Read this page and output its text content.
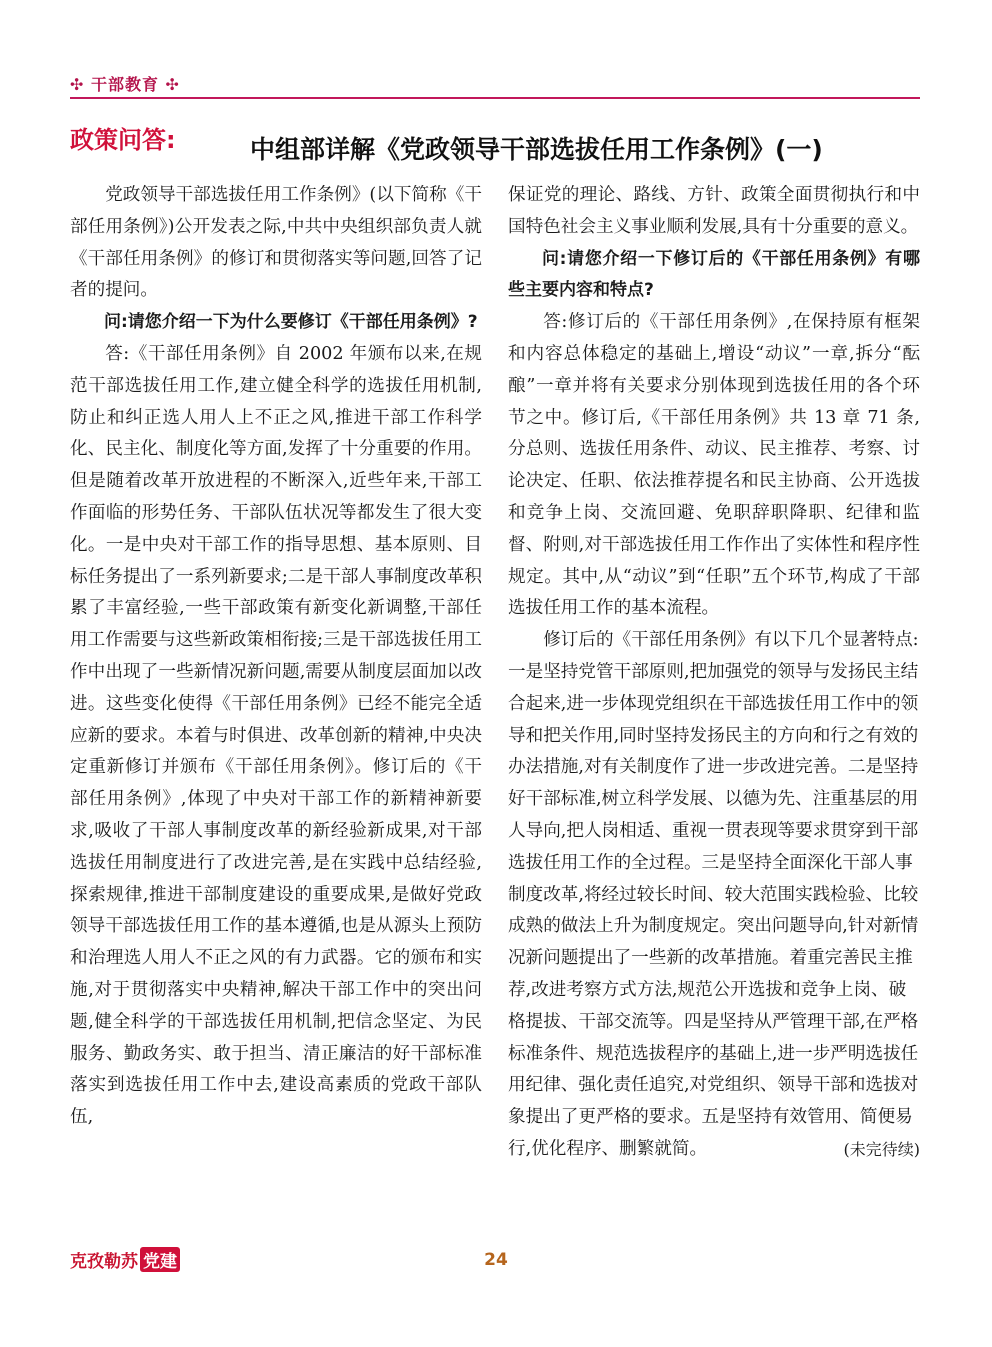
✣ 干部教育 ✣
政策问答:	中组部详解《党政领导干部选拔任用工作条例》(一)

党政领导干部选拔任用工作条例》(以下简称《干部任用条例》)公开发表之际,中共中央组织部负责人就《干部任用条例》的修订和贯彻落实等问题,回答了记者的提问。

问:请您介绍一下为什么要修订《干部任用条例》?

答:《干部任用条例》自 2002 年颁布以来,在规范干部选拔任用工作,建立健全科学的选拔任用机制,防止和纠正选人用人上不正之风,推进干部工作科学化、民主化、制度化等方面,发挥了十分重要的作用。但是随着改革开放进程的不断深入,近些年来,干部工作面临的形势任务、干部队伍状况等都发生了很大变化。一是中央对干部工作的指导思想、基本原则、目标任务提出了一系列新要求;二是干部人事制度改革积累了丰富经验,一些干部政策有新变化新调整,干部任用工作需要与这些新政策相衔接;三是干部选拔任用工作中出现了一些新情况新问题,需要从制度层面加以改进。这些变化使得《干部任用条例》已经不能完全适应新的要求。本着与时俱进、改革创新的精神,中央决定重新修订并颁布《干部任用条例》。修订后的《干部任用条例》,体现了中央对干部工作的新精神新要求,吸收了干部人事制度改革的新经验新成果,对干部选拔任用制度进行了改进完善,是在实践中总结经验,探索规律,推进干部制度建设的重要成果,是做好党政领导干部选拔任用工作的基本遵循,也是从源头上预防和治理选人用人不正之风的有力武器。它的颁布和实施,对于贯彻落实中央精神,解决干部工作中的突出问题,健全科学的干部选拔任用机制,把信念坚定、为民服务、勤政务实、敢于担当、清正廉洁的好干部标准落实到选拔任用工作中去,建设高素质的党政干部队伍,

保证党的理论、路线、方针、政策全面贯彻执行和中国特色社会主义事业顺利发展,具有十分重要的意义。

问:请您介绍一下修订后的《干部任用条例》有哪些主要内容和特点?

答:修订后的《干部任用条例》,在保持原有框架和内容总体稳定的基础上,增设“动议”一章,拆分“酝酿”一章并将有关要求分别体现到选拔任用的各个环节之中。修订后,《干部任用条例》共 13 章 71 条,分总则、选拔任用条件、动议、民主推荐、考察、讨论决定、任职、依法推荐提名和民主协商、公开选拔和竞争上岗、交流回避、免职辞职降职、纪律和监督、附则,对干部选拔任用工作作出了实体性和程序性规定。其中,从“动议”到“任职”五个环节,构成了干部选拔任用工作的基本流程。

修订后的《干部任用条例》有以下几个显著特点:一是坚持党管干部原则,把加强党的领导与发扬民主结合起来,进一步体现党组织在干部选拔任用工作中的领导和把关作用,同时坚持发扬民主的方向和行之有效的办法措施,对有关制度作了进一步改进完善。二是坚持好干部标准,树立科学发展、以德为先、注重基层的用人导向,把人岗相适、重视一贯表现等要求贯穿到干部选拔任用工作的全过程。三是坚持全面深化干部人事制度改革,将经过较长时间、较大范围实践检验、比较成熟的做法上升为制度规定。突出问题导向,针对新情况新问题提出了一些新的改革措施。着重完善民主推荐,改进考察方式方法,规范公开选拔和竞争上岗、破格提拔、干部交流等。四是坚持从严管理干部,在严格标准条件、规范选拔程序的基础上,进一步严明选拔任用纪律、强化责任追究,对党组织、领导干部和选拔对象提出了更严格的要求。五是坚持有效管用、简便易行,优化程序、删繁就简。	(未完待续)

克孜勒苏 党建	24
